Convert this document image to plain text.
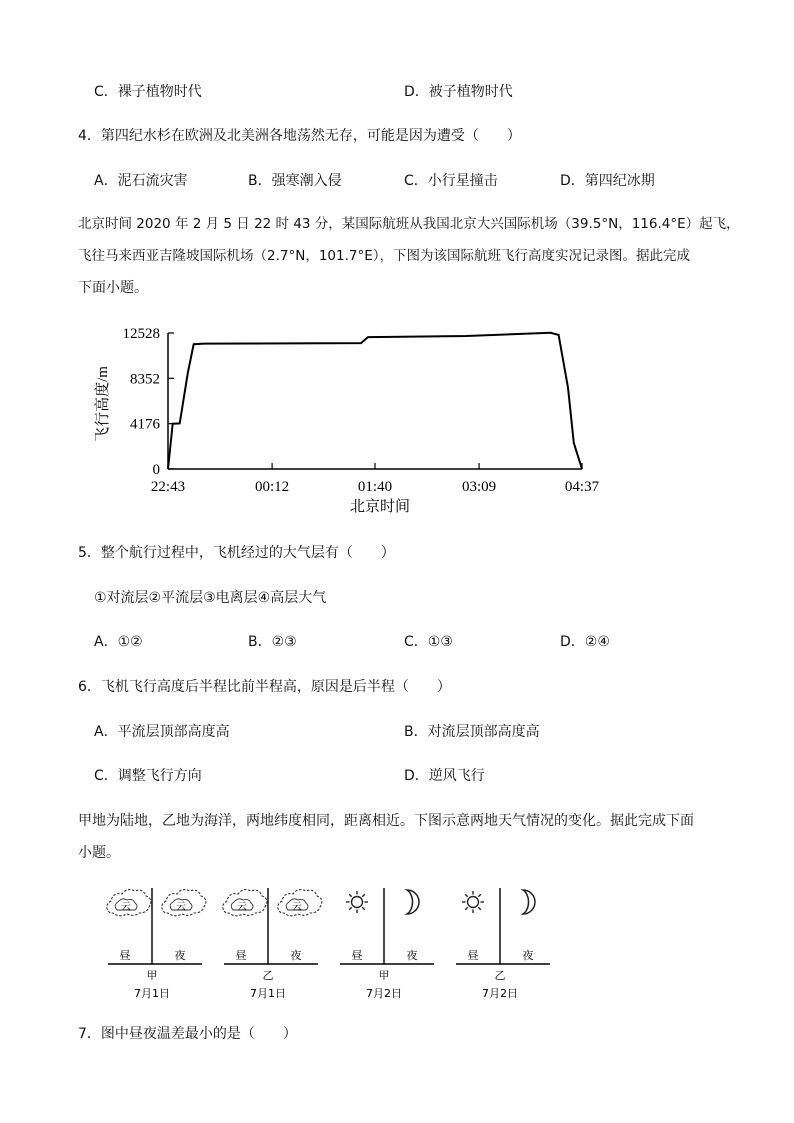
C．裸子植物时代	D．被子植物时代
4．第四纪水杉在欧洲及北美洲各地荡然无存，可能是因为遭受（　　）
A．泥石流灾害	B．强寒潮入侵	C．小行星撞击	D．第四纪冰期
北京时间 2020 年 2 月 5 日 22 时 43 分，某国际航班从我国北京大兴国际机场（39.5°N，116.4°E）起飞，
飞往马来西亚吉隆坡国际机场（2.7°N，101.7°E），下图为该国际航班飞行高度实况记录图。据此完成
下面小题。
0
4176
8352
12528
22:43	00:12	01:40	03:09	04:37
飞行高度/m
北京时间
5．整个航行过程中，飞机经过的大气层有（　　）
①对流层②平流层③电离层④高层大气
A．①②	B．②③	C．①③	D．②④
6．飞机飞行高度后半程比前半程高，原因是后半程（　　）
A．平流层顶部高度高	B．对流层顶部高度高
C．调整飞行方向	D．逆风飞行
甲地为陆地，乙地为海洋，两地纬度相同，距离相近。下图示意两地天气情况的变化。据此完成下面
小题。
云	云
昼	夜
甲
7月1日
云	云
昼	夜
乙
7月1日
昼	夜
甲
7月2日
昼	夜
乙
7月2日
7．图中昼夜温差最小的是（　　）
